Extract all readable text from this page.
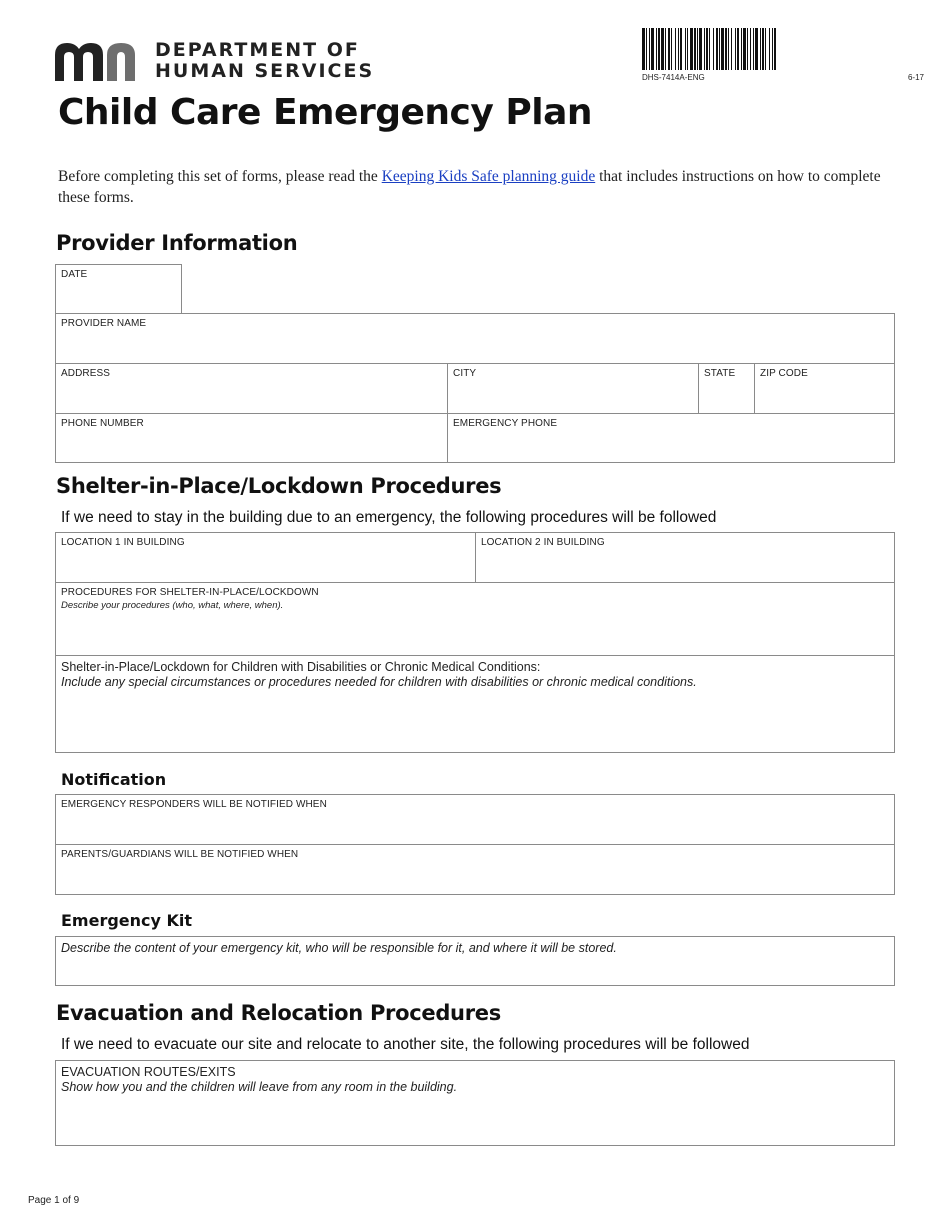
DEPARTMENT OF
HUMAN SERVICES	DHS-7414A-ENG	6-17
Child Care Emergency Plan

Before completing this set of forms, please read the Keeping Kids Safe planning guide that includes instructions on how to complete these forms.

Provider Information
DATE
PROVIDER NAME
ADDRESS	CITY	STATE	ZIP CODE
PHONE NUMBER	EMERGENCY PHONE
Shelter-in-Place/Lockdown Procedures
If we need to stay in the building due to an emergency, the following procedures will be followed
LOCATION 1 IN BUILDING	LOCATION 2 IN BUILDING
PROCEDURES FOR SHELTER-IN-PLACE/LOCKDOWN
Describe your procedures (who, what, where, when).
Shelter-in-Place/Lockdown for Children with Disabilities or Chronic Medical Conditions:
Include any special circumstances or procedures needed for children with disabilities or chronic medical conditions.
Notification
EMERGENCY RESPONDERS WILL BE NOTIFIED WHEN
PARENTS/GUARDIANS WILL BE NOTIFIED WHEN
Emergency Kit
Describe the content of your emergency kit, who will be responsible for it, and where it will be stored.
Evacuation and Relocation Procedures
If we need to evacuate our site and relocate to another site, the following procedures will be followed
EVACUATION ROUTES/EXITS
Show how you and the children will leave from any room in the building.
Page 1 of 9
